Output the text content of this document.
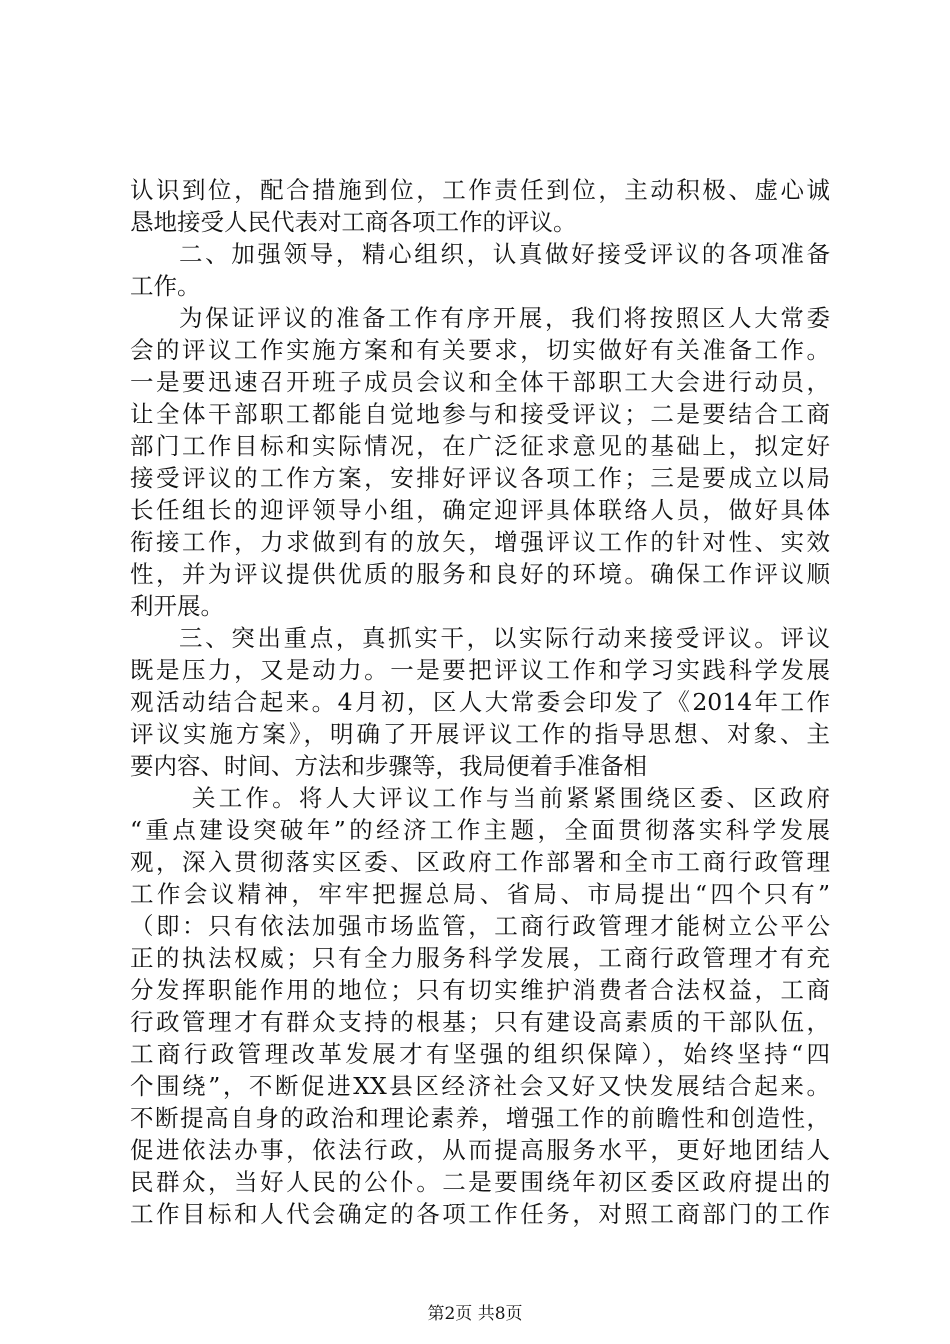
认识到位，配合措施到位，工作责任到位，主动积极、虚心诚
恳地接受人民代表对工商各项工作的评议。
二、加强领导，精心组织，认真做好接受评议的各项准备
工作。
为保证评议的准备工作有序开展，我们将按照区人大常委
会的评议工作实施方案和有关要求，切实做好有关准备工作。
一是要迅速召开班子成员会议和全体干部职工大会进行动员，
让全体干部职工都能自觉地参与和接受评议；二是要结合工商
部门工作目标和实际情况，在广泛征求意见的基础上，拟定好
接受评议的工作方案，安排好评议各项工作；三是要成立以局
长任组长的迎评领导小组，确定迎评具体联络人员，做好具体
衔接工作，力求做到有的放矢，增强评议工作的针对性、实效
性，并为评议提供优质的服务和良好的环境。确保工作评议顺
利开展。
三、突出重点，真抓实干，以实际行动来接受评议。评议
既是压力，又是动力。一是要把评议工作和学习实践科学发展
观活动结合起来。4月初，区人大常委会印发了《2014年工作
评议实施方案》，明确了开展评议工作的指导思想、对象、主
要内容、时间、方法和步骤等，我局便着手准备相
关工作。将人大评议工作与当前紧紧围绕区委、区政府
“重点建设突破年”的经济工作主题，全面贯彻落实科学发展
观，深入贯彻落实区委、区政府工作部署和全市工商行政管理
工作会议精神，牢牢把握总局、省局、市局提出“四个只有”
（即：只有依法加强市场监管，工商行政管理才能树立公平公
正的执法权威；只有全力服务科学发展，工商行政管理才有充
分发挥职能作用的地位；只有切实维护消费者合法权益，工商
行政管理才有群众支持的根基；只有建设高素质的干部队伍，
工商行政管理改革发展才有坚强的组织保障），始终坚持“四
个围绕”，不断促进XX县区经济社会又好又快发展结合起来。
不断提高自身的政治和理论素养，增强工作的前瞻性和创造性，
促进依法办事，依法行政，从而提高服务水平，更好地团结人
民群众，当好人民的公仆。二是要围绕年初区委区政府提出的
工作目标和人代会确定的各项工作任务，对照工商部门的工作
第2页 共8页
